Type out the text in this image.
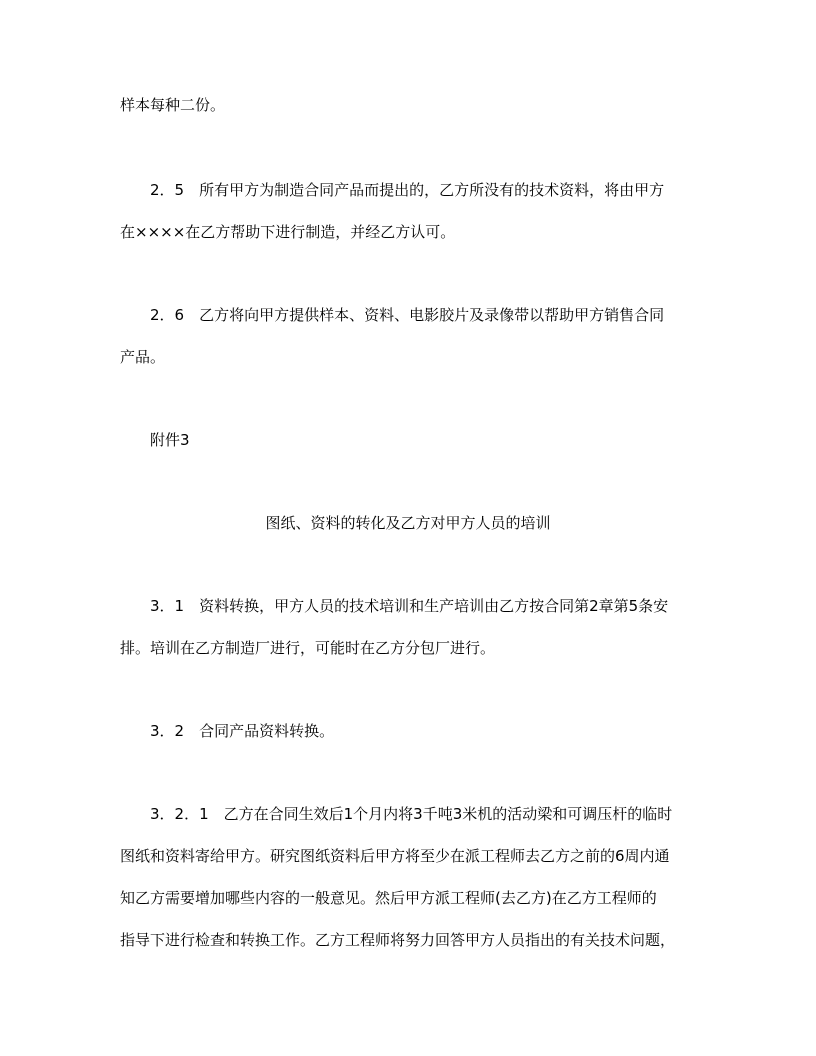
样本每种二份。
2．5　所有甲方为制造合同产品而提出的，乙方所没有的技术资料，将由甲方
在××××在乙方帮助下进行制造，并经乙方认可。
2．6　乙方将向甲方提供样本、资料、电影胶片及录像带以帮助甲方销售合同
产品。
附件3
图纸、资料的转化及乙方对甲方人员的培训
3．1　资料转换，甲方人员的技术培训和生产培训由乙方按合同第2章第5条安
排。培训在乙方制造厂进行，可能时在乙方分包厂进行。
3．2　合同产品资料转换。
3．2．1　乙方在合同生效后1个月内将3千吨3米机的活动梁和可调压杆的临时
图纸和资料寄给甲方。研究图纸资料后甲方将至少在派工程师去乙方之前的6周内通
知乙方需要增加哪些内容的一般意见。然后甲方派工程师(去乙方)在乙方工程师的
指导下进行检查和转换工作。乙方工程师将努力回答甲方人员指出的有关技术问题，
